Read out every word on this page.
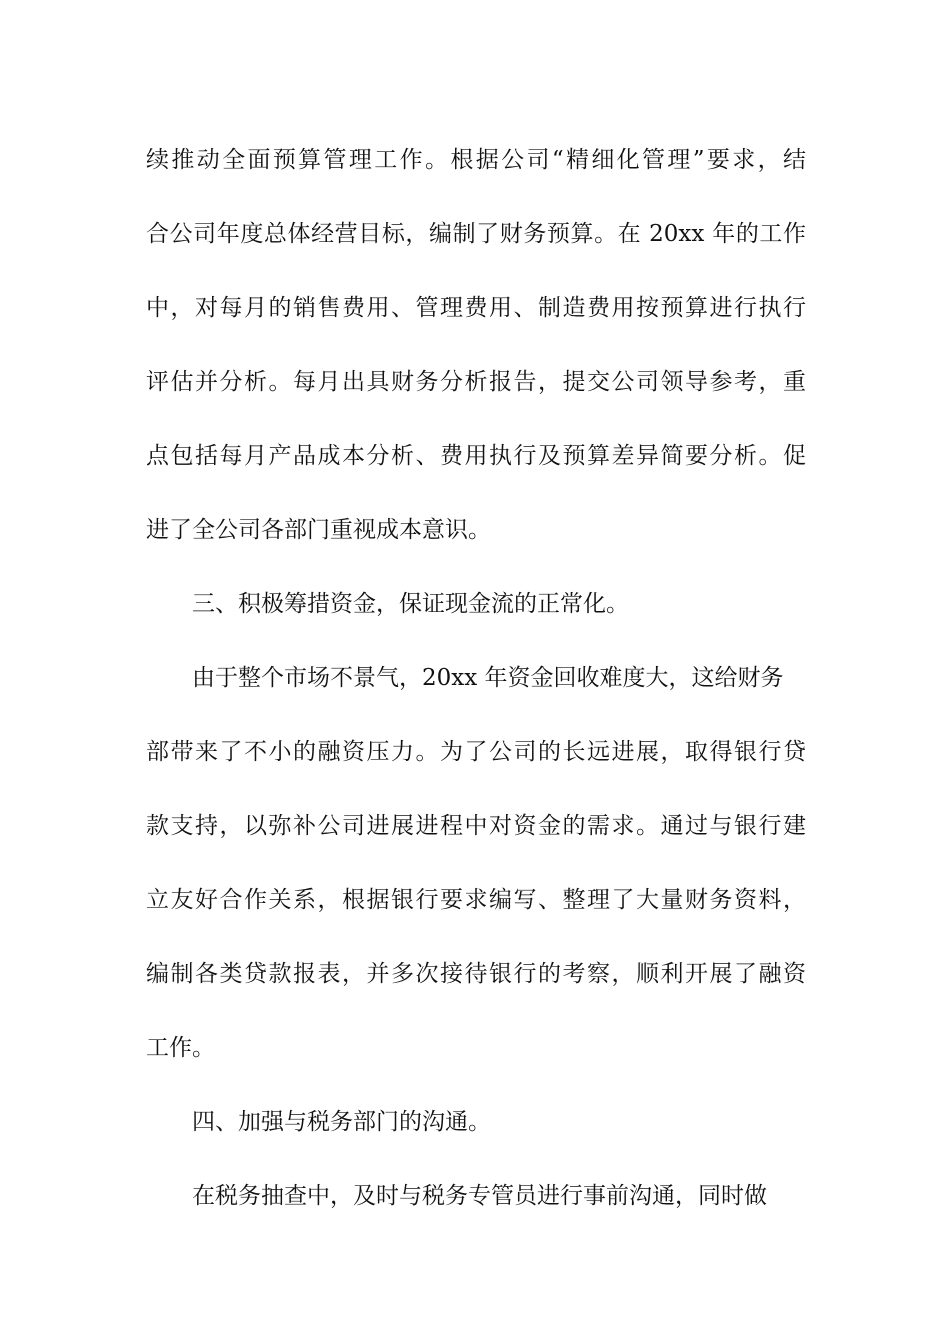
续推动全面预算管理工作。根据公司“精细化管理”要求，结
合公司年度总体经营目标，编制了财务预算。在 20xx 年的工作
中，对每月的销售费用、管理费用、制造费用按预算进行执行
评估并分析。每月出具财务分析报告，提交公司领导参考，重
点包括每月产品成本分析、费用执行及预算差异简要分析。促
进了全公司各部门重视成本意识。
三、积极筹措资金，保证现金流的正常化。
由于整个市场不景气，20xx 年资金回收难度大，这给财务
部带来了不小的融资压力。为了公司的长远进展，取得银行贷
款支持，以弥补公司进展进程中对资金的需求。通过与银行建
立友好合作关系，根据银行要求编写、整理了大量财务资料，
编制各类贷款报表，并多次接待银行的考察，顺利开展了融资
工作。
四、加强与税务部门的沟通。
在税务抽查中，及时与税务专管员进行事前沟通，同时做
